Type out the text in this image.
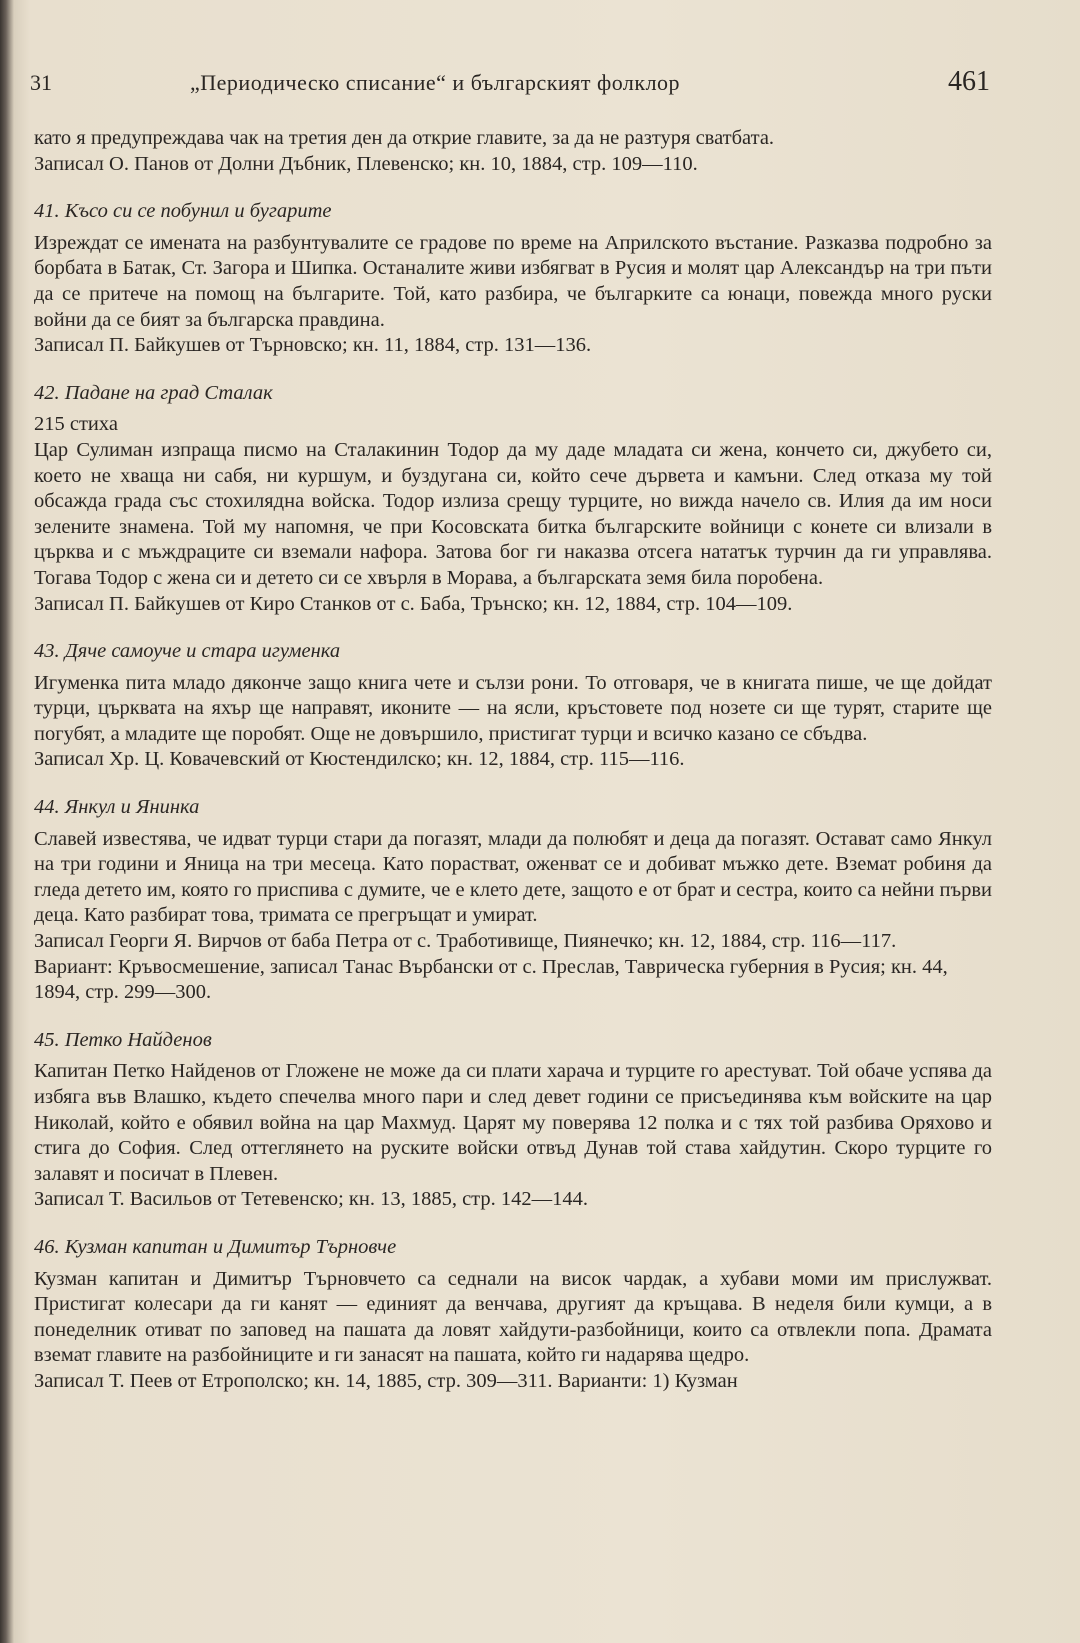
31	„Периодическо списание“ и българският фолклор	461

като я предупреждава чак на третия ден да открие главите, за да не разтуря сватбата.

Записал О. Панов от Долни Дъбник, Плевенско; кн. 10, 1884, стр. 109—110.

41. Късо си се побунил и бугарите

Изреждат се имената на разбунтувалите се градове по време на Априлското въстание. Разказва подробно за борбата в Батак, Ст. Загора и Шипка. Останалите живи избягват в Русия и молят цар Александър на три пъти да се притече на помощ на българите. Той, като разбира, че българките са юнаци, повежда много руски войни да се бият за българска правдина.

Записал П. Байкушев от Търновско; кн. 11, 1884, стр. 131—136.

42. Падане на град Сталак

215 стиха

Цар Сулиман изпраща писмо на Сталакинин Тодор да му даде младата си жена, кончето си, джубето си, което не хваща ни сабя, ни куршум, и буздугана си, който сече дървета и камъни. След отказа му той обсажда града със стохилядна войска. Тодор излиза срещу турците, но вижда начело св. Илия да им носи зелените знамена. Той му напомня, че при Косовската битка българските войници с конете си влизали в църква и с мъждраците си вземали нафора. Затова бог ги наказва отсега нататък турчин да ги управлява. Тогава Тодор с жена си и детето си се хвърля в Морава, а българската земя била поробена.

Записал П. Байкушев от Киро Станков от с. Баба, Трънско; кн. 12, 1884, стр. 104—109.

43. Дяче самоуче и стара игуменка

Игуменка пита младо дяконче защо книга чете и сълзи рони. То отговаря, че в книгата пише, че ще дойдат турци, църквата на яхър ще направят, иконите — на ясли, кръстовете под нозете си ще турят, старите ще погубят, а младите ще поробят. Още не довършило, пристигат турци и всичко казано се сбъдва.

Записал Хр. Ц. Ковачевский от Кюстендилско; кн. 12, 1884, стр. 115—116.

44. Янкул и Янинка

Славей известява, че идват турци стари да погазят, млади да полюбят и деца да погазят. Остават само Янкул на три години и Яница на три месеца. Като порастват, оженват се и добиват мъжко дете. Вземат робиня да гледа детето им, която го приспива с думите, че е клето дете, защото е от брат и сестра, които са нейни първи деца. Като разбират това, тримата се прегръщат и умират.

Записал Георги Я. Вирчов от баба Петра от с. Тработивище, Пиянечко; кн. 12, 1884, стр. 116—117.

Вариант: Кръвосмешение, записал Танас Върбански от с. Преслав, Таврическа губерния в Русия; кн. 44, 1894, стр. 299—300.

45. Петко Найденов

Капитан Петко Найденов от Гложене не може да си плати харача и турците го арестуват. Той обаче успява да избяга във Влашко, където спечелва много пари и след девет години се присъединява към войските на цар Николай, който е обявил война на цар Махмуд. Царят му поверява 12 полка и с тях той разбива Оряхово и стига до София. След оттеглянето на руските войски отвъд Дунав той става хайдутин. Скоро турците го залавят и посичат в Плевен.

Записал Т. Васильов от Тетевенско; кн. 13, 1885, стр. 142—144.

46. Кузман капитан и Димитър Търновче

Кузман капитан и Димитър Търновчето са седнали на висок чардак, а хубави моми им прислужват. Пристигат колесари да ги канят — единият да венчава, другият да кръщава. В неделя били кумци, а в понеделник отиват по заповед на пашата да ловят хайдути-разбойници, които са отвлекли попа. Драмата вземат главите на разбойниците и ги занасят на пашата, който ги надарява щедро.

Записал Т. Пеев от Етрополско; кн. 14, 1885, стр. 309—311. Варианти: 1) Кузман
